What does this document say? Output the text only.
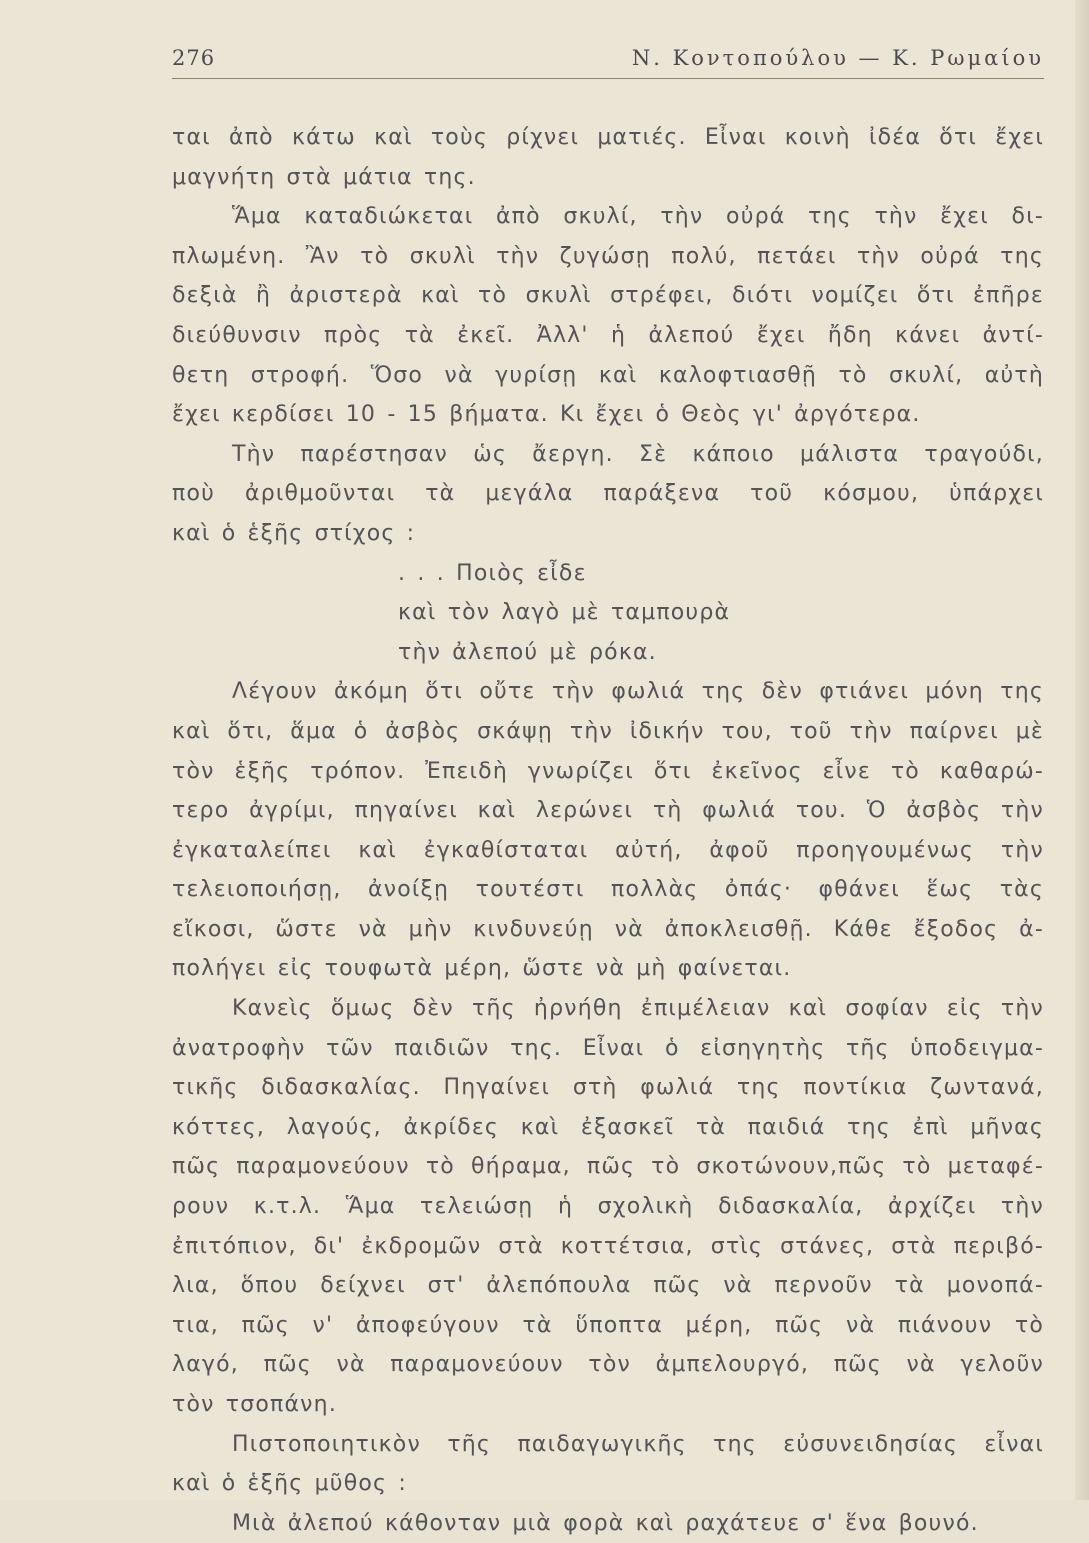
276	Ν. Κοντοπούλου — Κ. Ρωμαίου
ται ἀπὸ κάτω καὶ τοὺς ρίχνει ματιές. Εἶναι κοινὴ ἰδέα ὅτι ἔχει
μαγνήτη στὰ μάτια της.
Ἅμα καταδιώκεται ἀπὸ σκυλί, τὴν οὐρά της τὴν ἔχει δι-
πλωμένη. Ἂν τὸ σκυλὶ τὴν ζυγώσῃ πολύ, πετάει τὴν οὐρά της
δεξιὰ ἢ ἀριστερὰ καὶ τὸ σκυλὶ στρέφει, διότι νομίζει ὅτι ἐπῆρε
διεύθυνσιν πρὸς τὰ ἐκεῖ. Ἀλλ' ἡ ἀλεπού ἔχει ἤδη κάνει ἀντί-
θετη στροφή. Ὅσο νὰ γυρίσῃ καὶ καλοφτιασθῇ τὸ σκυλί, αὐτὴ
ἔχει κερδίσει 10 - 15 βήματα. Κι ἔχει ὁ Θεὸς γι' ἀργότερα.
Τὴν παρέστησαν ὡς ἄεργη. Σὲ κάποιο μάλιστα τραγούδι,
ποὺ ἀριθμοῦνται τὰ μεγάλα παράξενα τοῦ κόσμου, ὑπάρχει
καὶ ὁ ἑξῆς στίχος :
. . . Ποιὸς εἶδε
καὶ τὸν λαγὸ μὲ ταμπουρὰ
τὴν ἀλεπού μὲ ρόκα.
Λέγουν ἀκόμη ὅτι οὔτε τὴν φωλιά της δὲν φτιάνει μόνη της
καὶ ὅτι, ἅμα ὁ ἀσβὸς σκάψῃ τὴν ἰδικήν του, τοῦ τὴν παίρνει μὲ
τὸν ἑξῆς τρόπον. Ἐπειδὴ γνωρίζει ὅτι ἐκεῖνος εἶνε τὸ καθαρώ-
τερο ἀγρίμι, πηγαίνει καὶ λερώνει τὴ φωλιά του. Ὁ ἀσβὸς τὴν
ἐγκαταλείπει καὶ ἐγκαθίσταται αὐτή, ἀφοῦ προηγουμένως τὴν
τελειοποιήσῃ, ἀνοίξῃ τουτέστι πολλὰς ὀπάς· φθάνει ἕως τὰς
εἴκοσι, ὥστε νὰ μὴν κινδυνεύῃ νὰ ἀποκλεισθῇ. Κάθε ἔξοδος ἀ-
πολήγει εἰς τουφωτὰ μέρη, ὥστε νὰ μὴ φαίνεται.
Κανεὶς ὅμως δὲν τῆς ἠρνήθη ἐπιμέλειαν καὶ σοφίαν εἰς τὴν
ἀνατροφὴν τῶν παιδιῶν της. Εἶναι ὁ εἰσηγητὴς τῆς ὑποδειγμα-
τικῆς διδασκαλίας. Πηγαίνει στὴ φωλιά της ποντίκια ζωντανά,
κόττες, λαγούς, ἀκρίδες καὶ ἐξασκεῖ τὰ παιδιά της ἐπὶ μῆνας
πῶς παραμονεύουν τὸ θήραμα, πῶς τὸ σκοτώνουν,πῶς τὸ μεταφέ-
ρουν κ.τ.λ. Ἅμα τελειώσῃ ἡ σχολικὴ διδασκαλία, ἀρχίζει τὴν
ἐπιτόπιον, δι' ἐκδρομῶν στὰ κοττέτσια, στὶς στάνες, στὰ περιβό-
λια, ὅπου δείχνει στ' ἀλεπόπουλα πῶς νὰ περνοῦν τὰ μονοπά-
τια, πῶς ν' ἀποφεύγουν τὰ ὕποπτα μέρη, πῶς νὰ πιάνουν τὸ
λαγό, πῶς νὰ παραμονεύουν τὸν ἀμπελουργό, πῶς νὰ γελοῦν
τὸν τσοπάνη.
Πιστοποιητικὸν τῆς παιδαγωγικῆς της εὐσυνειδησίας εἶναι
καὶ ὁ ἑξῆς μῦθος :
Μιὰ ἀλεπού κάθονταν μιὰ φορὰ καὶ ραχάτευε σ' ἕνα βουνό.
